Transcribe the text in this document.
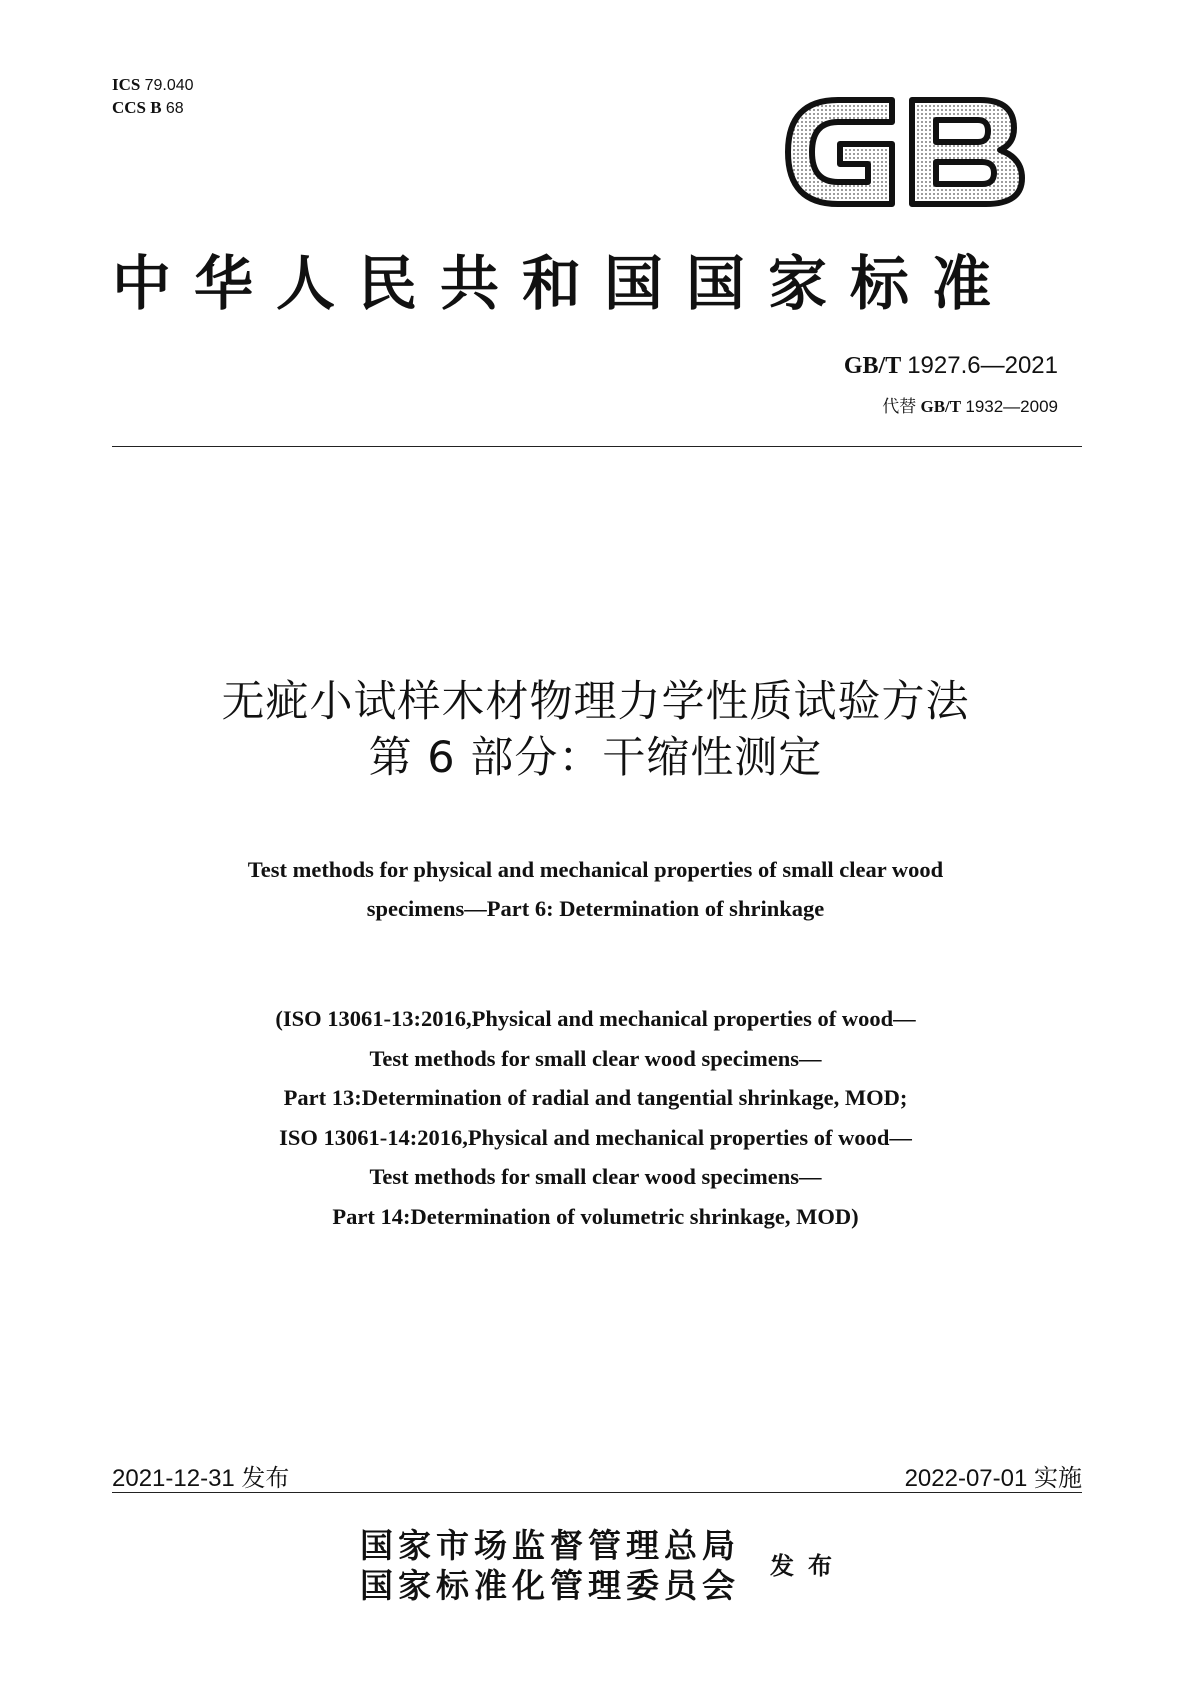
ICS 79.040
CCS B 68
中华人民共和国国家标准
GB/T 1927.6—2021
代替 GB/T 1932—2009
无疵小试样木材物理力学性质试验方法
第 6 部分：干缩性测定
Test methods for physical and mechanical properties of small clear wood
specimens—Part 6: Determination of shrinkage
(ISO 13061-13:2016,Physical and mechanical properties of wood—
Test methods for small clear wood specimens—
Part 13:Determination of radial and tangential shrinkage, MOD;
ISO 13061-14:2016,Physical and mechanical properties of wood—
Test methods for small clear wood specimens—
Part 14:Determination of volumetric shrinkage, MOD)
2021-12-31 发布	2022-07-01 实施
国家市场监督管理总局
国家标准化管理委员会
发布
